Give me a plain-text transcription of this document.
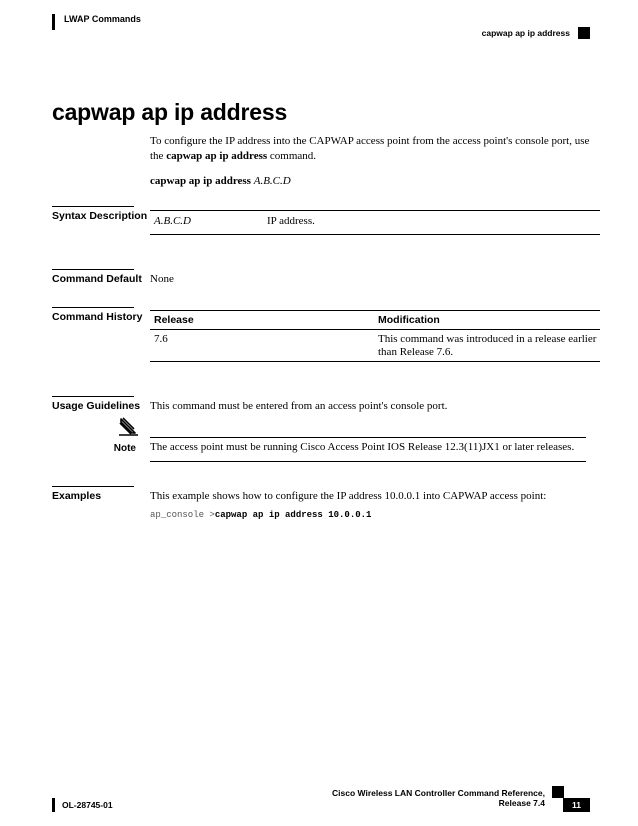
LWAP Commands
capwap ap ip address
capwap ap ip address
To configure the IP address into the CAPWAP access point from the access point's console port, use the capwap ap ip address command.
capwap ap ip address A.B.C.D
Syntax Description A.B.C.D	IP address.
Command Default None
Command History Release	Modification
7.6	This command was introduced in a release earlier than Release 7.6.
Usage Guidelines This command must be entered from an access point's console port.
Note The access point must be running Cisco Access Point IOS Release 12.3(11)JX1 or later releases.
Examples	This example shows how to configure the IP address 10.0.0.1 into CAPWAP access point:
ap_console >capwap ap ip address 10.0.0.1
Cisco Wireless LAN Controller Command Reference, Release 7.4
OL-28745-01	11
